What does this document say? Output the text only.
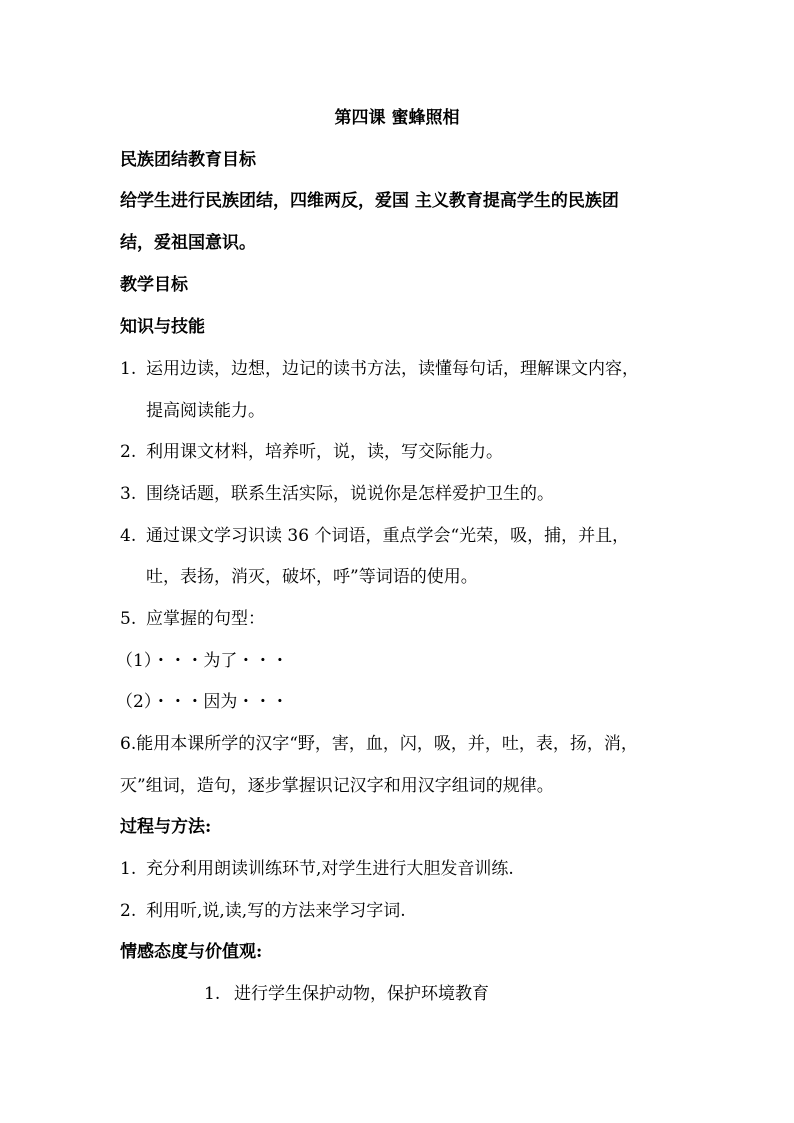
第四课 蜜蜂照相
民族团结教育目标
给学生进行民族团结，四维两反，爱国 主义教育提高学生的民族团
结，爱祖国意识。
教学目标
知识与技能
1. 运用边读，边想，边记的读书方法，读懂每句话，理解课文内容，
提高阅读能力。
2. 利用课文材料，培养听，说，读，写交际能力。
3. 围绕话题，联系生活实际，说说你是怎样爱护卫生的。
4. 通过课文学习识读 36 个词语，重点学会“光荣，吸，捕，并且，
吐，表扬，消灭，破坏，呼”等词语的使用。
5. 应掌握的句型：
（1）・・・为了・・・
（2）・・・因为・・・
6.能用本课所学的汉字“野，害，血，闪，吸，并，吐，表，扬，消，
灭”组词，造句，逐步掌握识记汉字和用汉字组词的规律。
过程与方法:
1. 充分利用朗读训练环节,对学生进行大胆发音训练.
2. 利用听,说,读,写的方法来学习字词.
情感态度与价值观:
1. 进行学生保护动物，保护环境教育
